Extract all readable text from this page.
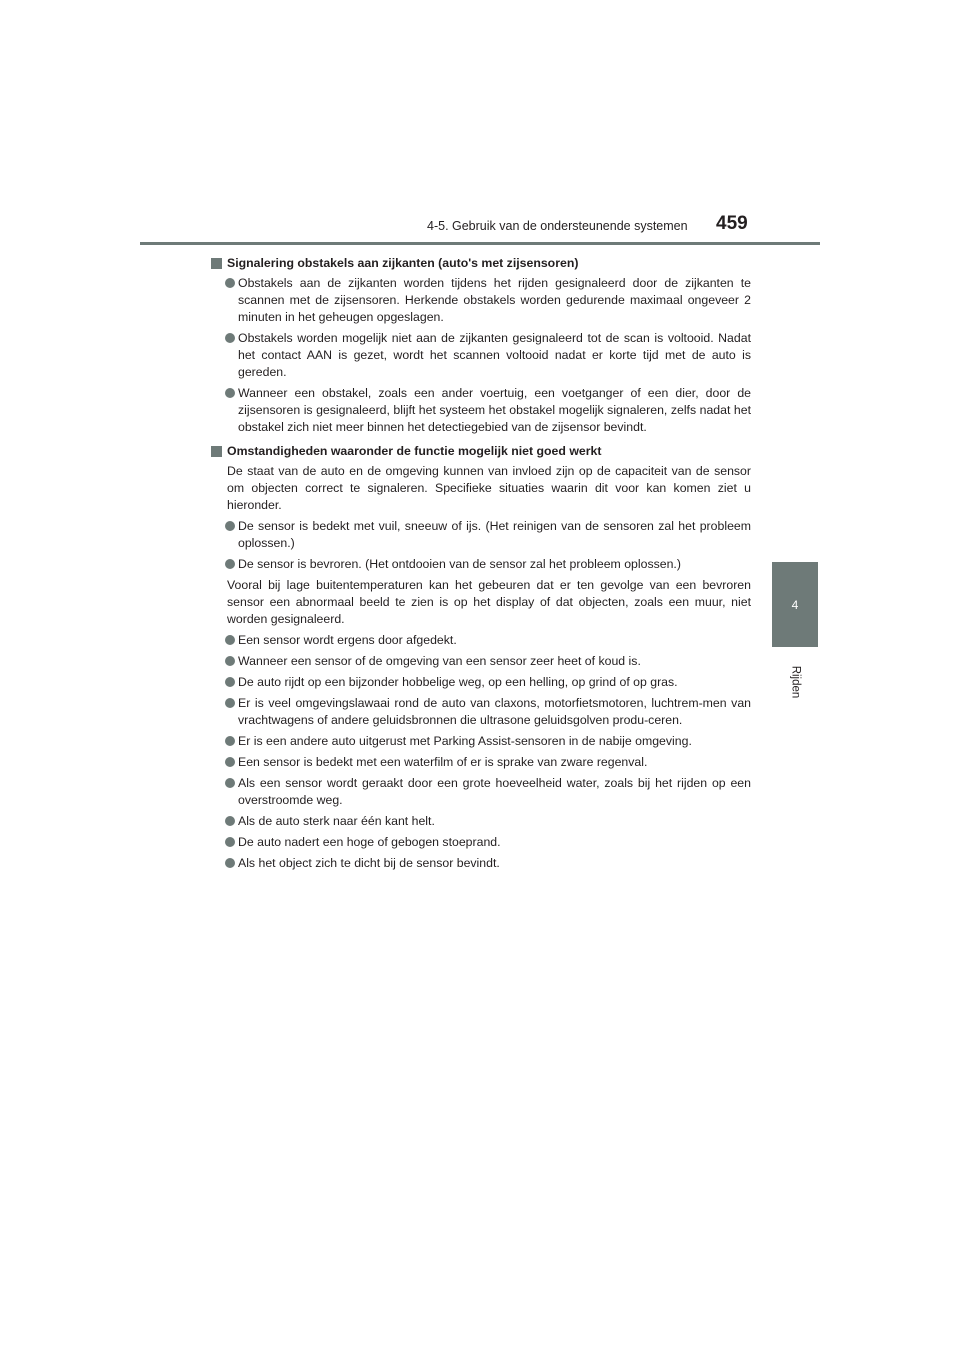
4-5. Gebruik van de ondersteunende systemen 459
4
Rijden
Signalering obstakels aan zijkanten (auto's met zijsensoren)
Obstakels aan de zijkanten worden tijdens het rijden gesignaleerd door de zijkanten te scannen met de zijsensoren. Herkende obstakels worden gedurende maximaal ongeveer 2 minuten in het geheugen opgeslagen.
Obstakels worden mogelijk niet aan de zijkanten gesignaleerd tot de scan is voltooid. Nadat het contact AAN is gezet, wordt het scannen voltooid nadat er korte tijd met de auto is gereden.
Wanneer een obstakel, zoals een ander voertuig, een voetganger of een dier, door de zijsensoren is gesignaleerd, blijft het systeem het obstakel mogelijk signaleren, zelfs nadat het obstakel zich niet meer binnen het detectiegebied van de zijsensor bevindt.
Omstandigheden waaronder de functie mogelijk niet goed werkt
De staat van de auto en de omgeving kunnen van invloed zijn op de capaciteit van de sensor om objecten correct te signaleren. Specifieke situaties waarin dit voor kan komen ziet u hieronder.
De sensor is bedekt met vuil, sneeuw of ijs. (Het reinigen van de sensoren zal het probleem oplossen.)
De sensor is bevroren. (Het ontdooien van de sensor zal het probleem oplossen.)
Vooral bij lage buitentemperaturen kan het gebeuren dat er ten gevolge van een bevroren sensor een abnormaal beeld te zien is op het display of dat objecten, zoals een muur, niet worden gesignaleerd.
Een sensor wordt ergens door afgedekt.
Wanneer een sensor of de omgeving van een sensor zeer heet of koud is.
De auto rijdt op een bijzonder hobbelige weg, op een helling, op grind of op gras.
Er is veel omgevingslawaai rond de auto van claxons, motorfietsmotoren, luchtrem-men van vrachtwagens of andere geluidsbronnen die ultrasone geluidsgolven produ-ceren.
Er is een andere auto uitgerust met Parking Assist-sensoren in de nabije omgeving.
Een sensor is bedekt met een waterfilm of er is sprake van zware regenval.
Als een sensor wordt geraakt door een grote hoeveelheid water, zoals bij het rijden op een overstroomde weg.
Als de auto sterk naar één kant helt.
De auto nadert een hoge of gebogen stoeprand.
Als het object zich te dicht bij de sensor bevindt.
